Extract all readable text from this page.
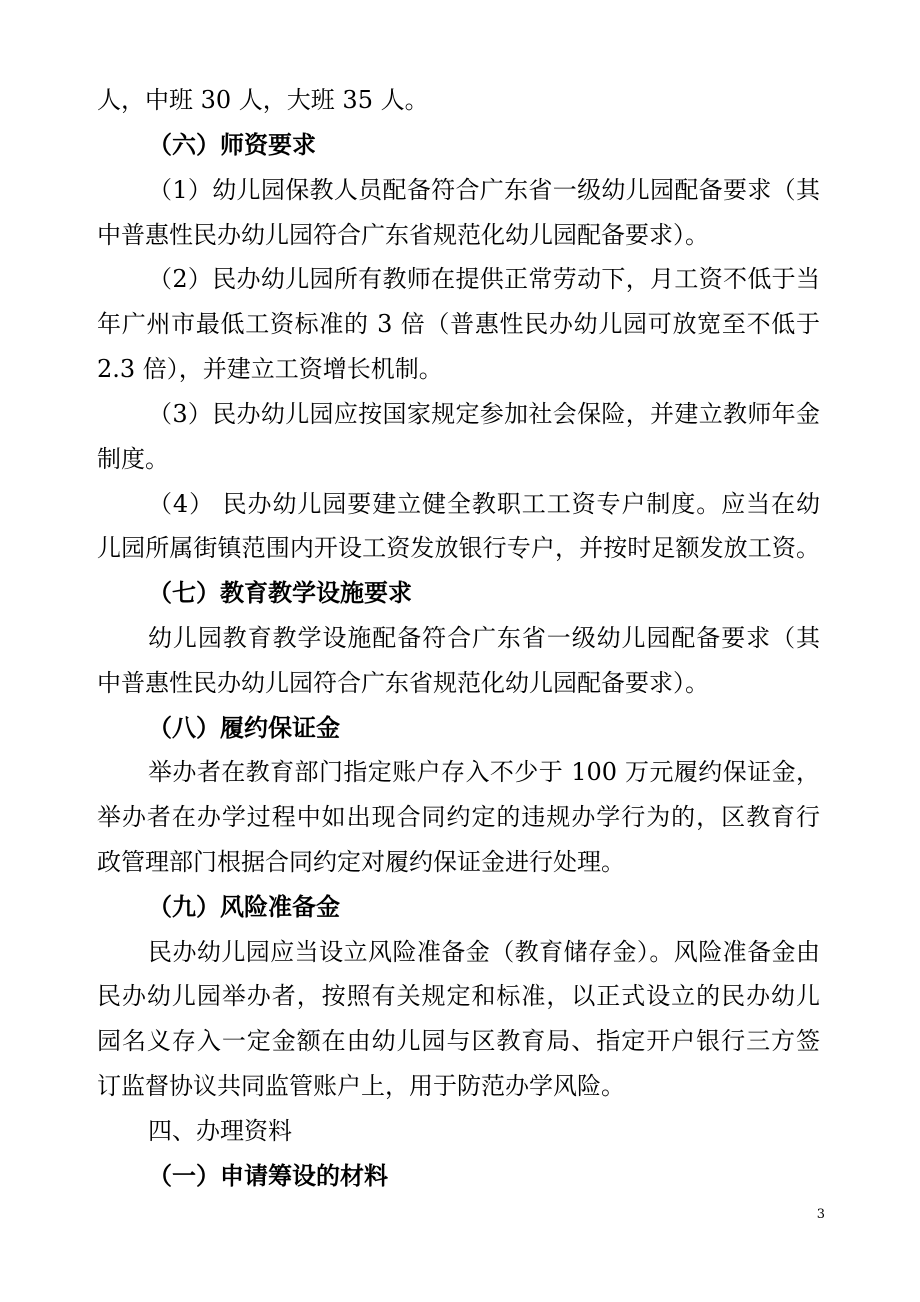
人，中班 30 人，大班 35 人。
（六）师资要求
（1）幼儿园保教人员配备符合广东省一级幼儿园配备要求（其
中普惠性民办幼儿园符合广东省规范化幼儿园配备要求）。
（2）民办幼儿园所有教师在提供正常劳动下，月工资不低于当
年广州市最低工资标准的 3 倍（普惠性民办幼儿园可放宽至不低于
2.3 倍），并建立工资增长机制。
（3）民办幼儿园应按国家规定参加社会保险，并建立教师年金
制度。
（4） 民办幼儿园要建立健全教职工工资专户制度。应当在幼
儿园所属街镇范围内开设工资发放银行专户，并按时足额发放工资。
（七）教育教学设施要求
幼儿园教育教学设施配备符合广东省一级幼儿园配备要求（其
中普惠性民办幼儿园符合广东省规范化幼儿园配备要求）。
（八）履约保证金
举办者在教育部门指定账户存入不少于 100 万元履约保证金，
举办者在办学过程中如出现合同约定的违规办学行为的，区教育行
政管理部门根据合同约定对履约保证金进行处理。
（九）风险准备金
民办幼儿园应当设立风险准备金（教育储存金）。风险准备金由
民办幼儿园举办者，按照有关规定和标准，以正式设立的民办幼儿
园名义存入一定金额在由幼儿园与区教育局、指定开户银行三方签
订监督协议共同监管账户上，用于防范办学风险。
四、办理资料
（一）申请筹设的材料
3
